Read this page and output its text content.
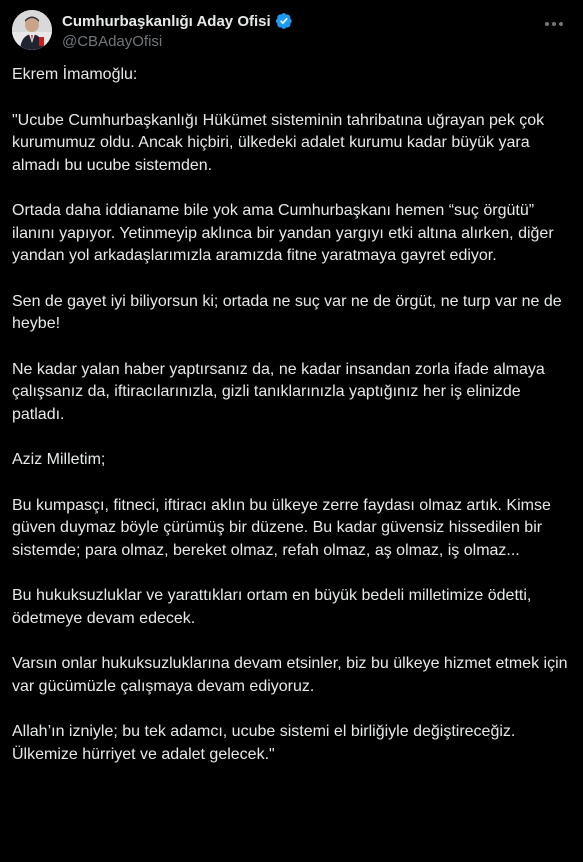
Cumhurbaşkanlığı Aday Ofisi
@CBAdayOfisi

Ekrem İmamoğlu:

"Ucube Cumhurbaşkanlığı Hükümet sisteminin tahribatına uğrayan pek çok kurumumuz oldu. Ancak hiçbiri, ülkedeki adalet kurumu kadar büyük yara almadı bu ucube sistemden.

Ortada daha iddianame bile yok ama Cumhurbaşkanı hemen “suç örgütü” ilanını yapıyor. Yetinmeyip aklınca bir yandan yargıyı etki altına alırken, diğer yandan yol arkadaşlarımızla aramızda fitne yaratmaya gayret ediyor.

Sen de gayet iyi biliyorsun ki; ortada ne suç var ne de örgüt, ne turp var ne de heybe!

Ne kadar yalan haber yaptırsanız da, ne kadar insandan zorla ifade almaya çalışsanız da, iftiracılarınızla, gizli tanıklarınızla yaptığınız her iş elinizde patladı.

Aziz Milletim;

Bu kumpasçı, fitneci, iftiracı aklın bu ülkeye zerre faydası olmaz artık. Kimse güven duymaz böyle çürümüş bir düzene. Bu kadar güvensiz hissedilen bir sistemde; para olmaz, bereket olmaz, refah olmaz, aş olmaz, iş olmaz...

Bu hukuksuzluklar ve yarattıkları ortam en büyük bedeli milletimize ödetti, ödetmeye devam edecek.

Varsın onlar hukuksuzluklarına devam etsinler, biz bu ülkeye hizmet etmek için var gücümüzle çalışmaya devam ediyoruz.

Allah’ın izniyle; bu tek adamcı, ucube sistemi el birliğiyle değiştireceğiz. Ülkemize hürriyet ve adalet gelecek."
